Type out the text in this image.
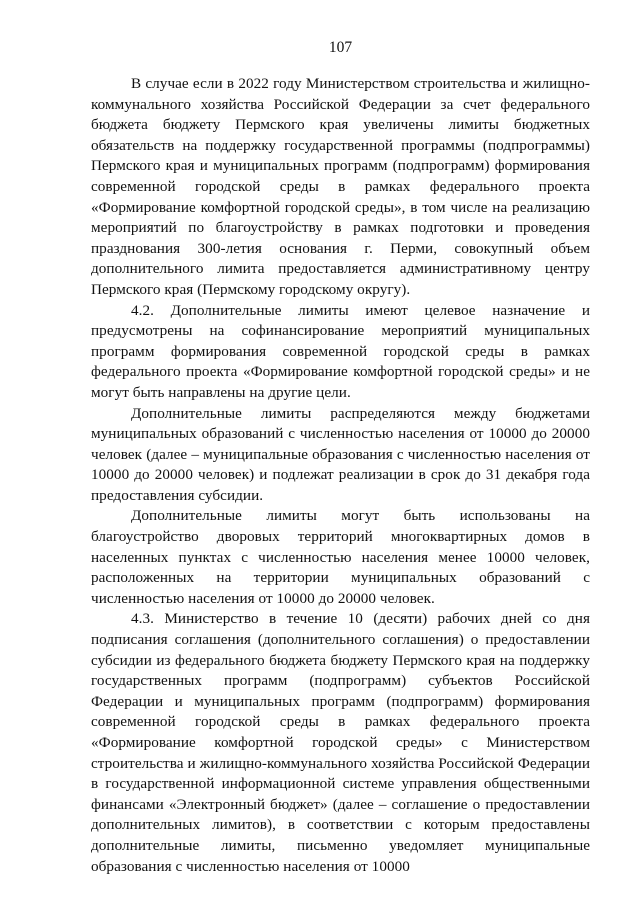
107

В случае если в 2022 году Министерством строительства и жилищно-коммунального хозяйства Российской Федерации за счет федерального бюджета бюджету Пермского края увеличены лимиты бюджетных обязательств на поддержку государственной программы (подпрограммы) Пермского края и муниципальных программ (подпрограмм) формирования современной городской среды в рамках федерального проекта «Формирование комфортной городской среды», в том числе на реализацию мероприятий по благоустройству в рамках подготовки и проведения празднования 300-летия основания г. Перми, совокупный объем дополнительного лимита предоставляется административному центру Пермского края (Пермскому городскому округу).

4.2. Дополнительные лимиты имеют целевое назначение и предусмотрены на софинансирование мероприятий муниципальных программ формирования современной городской среды в рамках федерального проекта «Формирование комфортной городской среды» и не могут быть направлены на другие цели.

Дополнительные лимиты распределяются между бюджетами муниципальных образований с численностью населения от 10000 до 20000 человек (далее – муниципальные образования с численностью населения от 10000 до 20000 человек) и подлежат реализации в срок до 31 декабря года предоставления субсидии.

Дополнительные лимиты могут быть использованы на благоустройство дворовых территорий многоквартирных домов в населенных пунктах с численностью населения менее 10000 человек, расположенных на территории муниципальных образований с численностью населения от 10000 до 20000 человек.

4.3. Министерство в течение 10 (десяти) рабочих дней со дня подписания соглашения (дополнительного соглашения) о предоставлении субсидии из федерального бюджета бюджету Пермского края на поддержку государственных программ (подпрограмм) субъектов Российской Федерации и муниципальных программ (подпрограмм) формирования современной городской среды в рамках федерального проекта «Формирование комфортной городской среды» с Министерством строительства и жилищно-коммунального хозяйства Российской Федерации в государственной информационной системе управления общественными финансами «Электронный бюджет» (далее – соглашение о предоставлении дополнительных лимитов), в соответствии с которым предоставлены дополнительные лимиты, письменно уведомляет муниципальные образования с численностью населения от 10000
